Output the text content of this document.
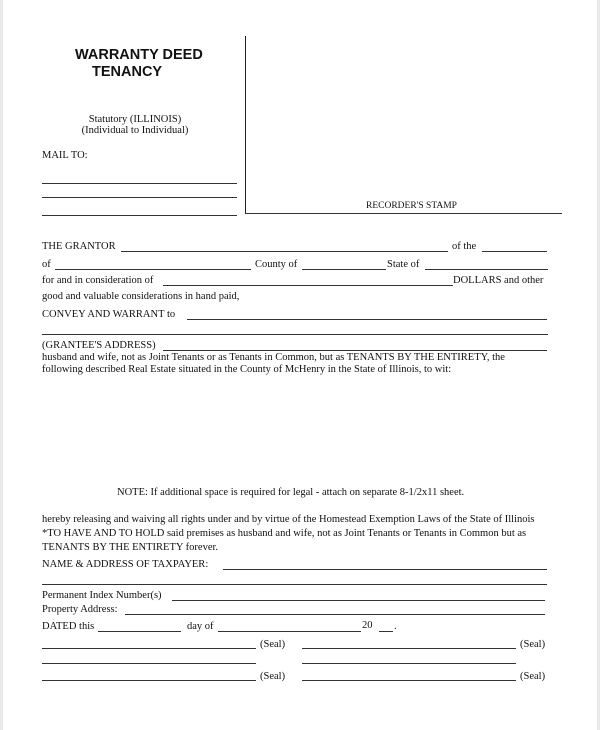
WARRANTY DEED
TENANCY
Statutory (ILLINOIS)
(Individual to Individual)
MAIL TO:
RECORDER'S STAMP
THE GRANTOR	of the
of	County of	State of
for and in consideration of	DOLLARS and other
good and valuable considerations in hand paid,
CONVEY AND WARRANT to
(GRANTEE'S ADDRESS)
husband and wife, not as Joint Tenants or as Tenants in Common, but as TENANTS BY THE ENTIRETY, the
following described Real Estate situated in the County of McHenry in the State of Illinois, to wit:
NOTE: If additional space is required for legal - attach on separate 8-1/2x11 sheet.
hereby releasing and waiving all rights under and by virtue of the Homestead Exemption Laws of the State of Illinois
*TO HAVE AND TO HOLD said premises as husband and wife, not as Joint Tenants or Tenants in Common but as
TENANTS BY THE ENTIRETY forever.
NAME & ADDRESS OF TAXPAYER:
Permanent Index Number(s)
Property Address:
DATED this	day of	20 .
(Seal)	(Seal)
(Seal)	(Seal)
